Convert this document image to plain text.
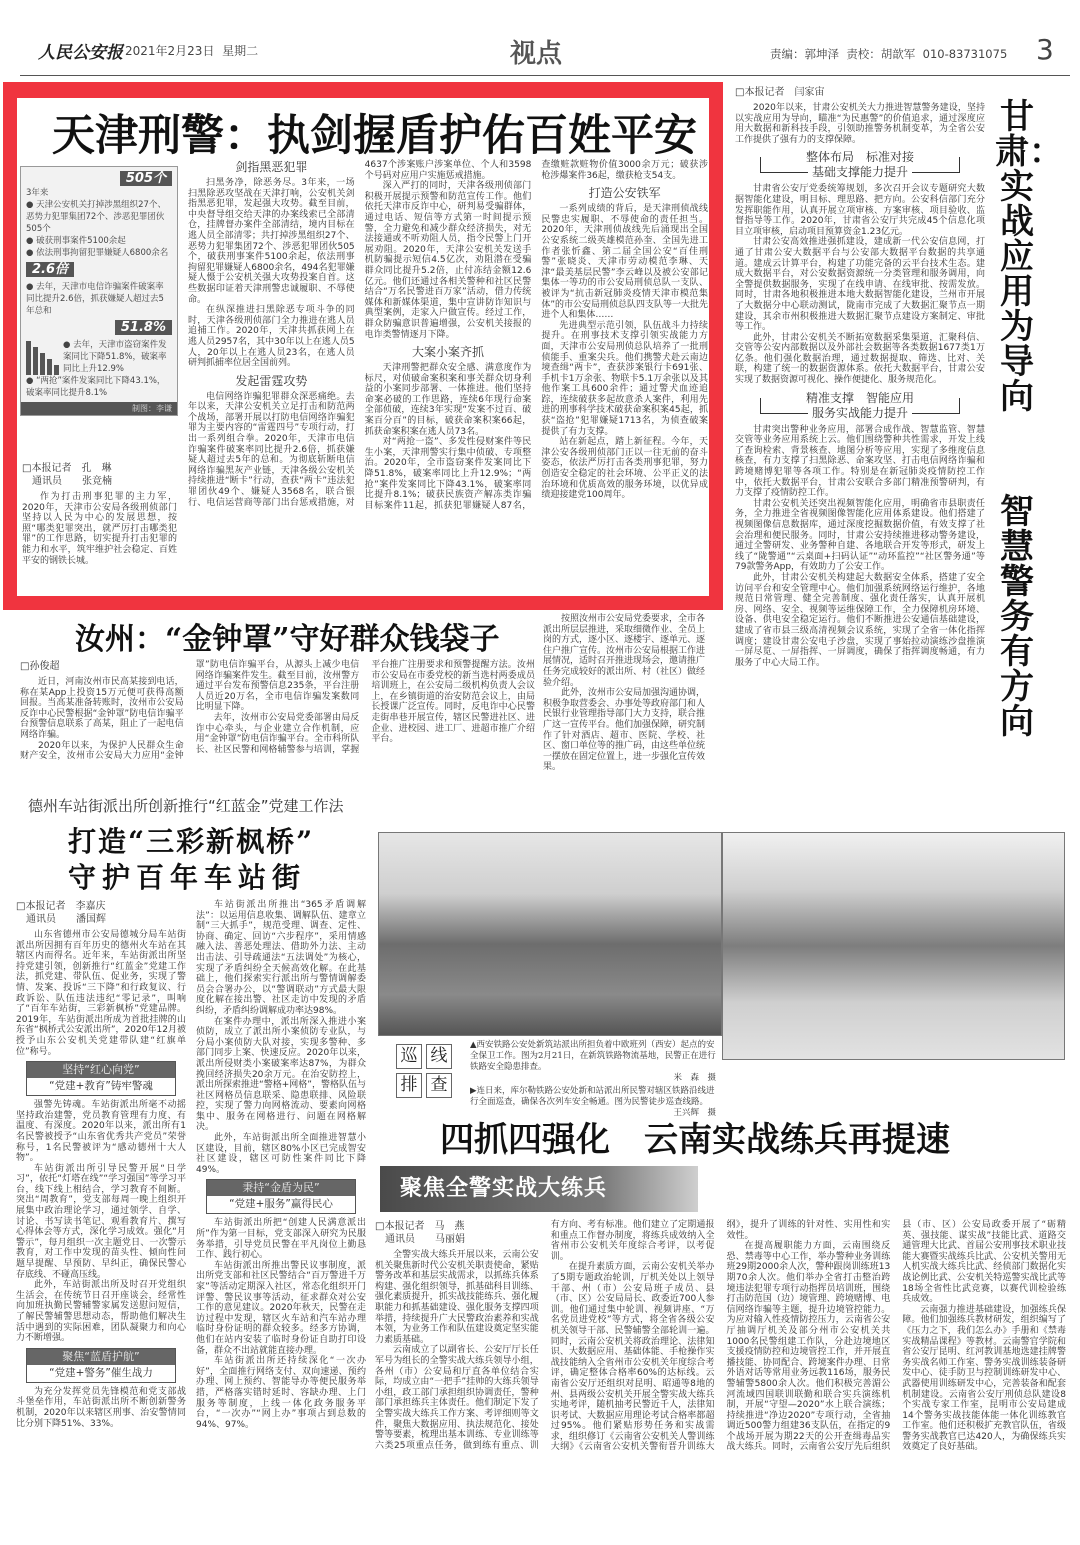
人民公安报 2021年2月23日 星期二	视点	责编：郭坤泽 责校：胡歆军 010-83731075 3
天津刑警：执剑握盾护佑百姓平安
505个
3年来
● 天津公安机关打掉涉黑组织27个、恶势力犯罪集团72个、涉恶犯罪团伙505个
● 破获刑事案件5100余起
● 依法刑事拘留犯罪嫌疑人6800余名
2.6倍
● 去年，天津市电信诈骗案件破案率同比提升2.6倍，抓获嫌疑人超过去5年总和
51.8%
● 去年，天津市盗窃案件发案同比下降51.8%，破案率同比上升12.9%
● “两抢”案件发案同比下降43.1%，破案率同比提升8.1%
制图：李谦
□本报记者　孔　琳
　通讯员　　张竞楠

作为打击刑事犯罪的主力军，2020年，天津市公安局各级刑侦部门坚持以人民为中心的发展思想，按照“哪类犯罪突出，就严厉打击哪类犯罪”的工作思路，切实提升打击犯罪的能力和水平，筑牢维护社会稳定、百姓平安的钢铁长城。

剑指黑恶犯罪

扫黑务净，除恶务尽。3年来，一场扫黑除恶攻坚战在天津打响，公安机关剑指黑恶犯罪，发起强大攻势。截至目前，中央督导组交给天津的办案线索已全部清仓，挂牌督办案件全部清结，境内目标在逃人员全部清零；共打掉涉黑组织27个、恶势力犯罪集团72个、涉恶犯罪团伙505个，破获刑事案件5100余起，依法刑事拘留犯罪嫌疑人6800余名，494名犯罪嫌疑人慑于公安机关强大攻势投案自首。这些数据印证着天津刑警忠诚履职、不辱使命。

在纵深推进扫黑除恶专项斗争的同时，天津各级刑侦部门全力推进在逃人员追捕工作。2020年，天津共抓获网上在逃人员2957名，其中30年以上在逃人员5人，20年以上在逃人员23名，在逃人员研判抓捕率位居全国前列。

发起雷霆攻势

电信网络诈骗犯罪群众深恶痛绝。去年以来，天津公安机关立足打击和防范两个战场，部署开展以打防电信网络诈骗犯罪为主要内容的“雷霆四号”专项行动，打出一系列组合拳。2020年，天津市电信诈骗案件破案率同比提升2.6倍，抓获嫌疑人超过去5年的总和。为彻底斩断电信网络诈骗黑灰产业链，天津各级公安机关持续推进“断卡”行动，查获“两卡”违法犯罪团伙49个、嫌疑人3568名，联合银行、电信运营商等部门出台惩戒措施，对4637个涉案账户涉案单位、个人和3598个号码对应用户实施惩戒措施。

深入严打的同时，天津各级刑侦部门积极开展提示预警和防范宣传工作。他们依托天津市反诈中心，研判易受骗群体，通过电话、短信等方式第一时间提示预警，全力避免和减少群众经济损失，对无法接通或不听劝阻人员，指令民警上门开展劝阻。2020年，天津公安机关发送手机防骗提示短信4.5亿次，劝阻潜在受骗群众同比提升5.2倍，止付冻结金额12.6亿元。他们还通过各相关警种和社区民警结合“万名民警进百万家”活动，借力传统媒体和新媒体渠道，集中宣讲防诈知识与典型案例，走家入户做宣传。经过工作，群众防骗意识普遍增强，公安机关接报的电诈类警情逐月下降。

大案小案齐抓

天津刑警把群众安全感、满意度作为标尺，对侦破命案积案和事关群众切身利益的小案同步部署、一体推进。他们坚持命案必破的工作思路，连续6年现行命案全部侦破，连续3年实现“发案不过百、破案百分百”的目标，破获命案积案66起，抓获命案积案在逃人员73名。

对“两抢一盗”、多发性侵财案件等民生小案，天津刑警实行集中侦破、专项整治。2020年，全市盗窃案件发案同比下降51.8%，破案率同比上升12.9%；“两抢”案件发案同比下降43.1%，破案率同比提升8.1%；破获民族资产解冻类诈骗目标案件11起，抓获犯罪嫌疑人87名，查缴赃款赃物价值3000余万元；破获涉枪涉爆案件36起，缴获枪支54支。

打造公安铁军

一系列成绩的背后，是天津刑侦战线民警忠实履职、不辱使命的责任担当。2020年，天津刑侦战线先后涌现出全国公安系统二级英雄模范孙奎、全国先进工作者张忻鑫、第二届全国公安“百佳刑警”张晓炎、天津市劳动模范李琳、天津“最美基层民警”李云峰以及被公安部记集体一等功的市公安局刑侦总队一支队、被评为“抗击新冠肺炎疫情天津市模范集体”的市公安局刑侦总队四支队等一大批先进个人和集体……

先进典型示范引领，队伍战斗力持续提升。在刑事技术支撑引领实战能力方面，天津市公安局刑侦总队培养了一批刑侦能手、重案尖兵。他们携警犬赴云南边境查缉“两卡”，查获涉案银行卡691张、手机卡1万余张、物联卡5.1万余张以及其他作案工具600余件；通过警犬血迹追踪，连续破获多起故意杀人案件，利用先进的刑事科学技术破获命案积案45起，抓获“盗抢”犯罪嫌疑1713名，为侦查破案提供了有力支撑。

站在新起点，踏上新征程。今年，天津公安各级刑侦部门正以一往无前的奋斗姿态，依法严厉打击各类刑事犯罪，努力创造安全稳定的社会环境、公平正义的法治环境和优质高效的服务环境，以优异成绩迎接建党100周年。

□本报记者　闫家宙

2020年以来，甘肃公安机关大力推进智慧警务建设，坚持以实战应用为导向，瞄准“为民惠警”的价值追求，通过深度应用大数据和新科技手段，引领助推警务机制变革，为全省公安工作提供了强有力的支撑保障。

整体布局　标准对接
基础支撑能力提升

甘肃省公安厅党委统筹规划，多次召开会议专题研究大数据智能化建设，明目标、理思路、把方向。公安科信部门充分发挥职能作用，认真开展立项审核、方案审核、项目验收、监督指导等工作。2020年，甘肃省公安厅共完成45个信息化项目立项审核，启动项目预算资金1.23亿元。

甘肃公安高效推进强抓建设，建成新一代公安信息网，打通了甘肃公安大数据平台与公安部大数据平台数据的共享通道。建成云计算平台，构建了功能完备的云平台技术生态。建成大数据平台，对公安数据资源统一分类管理和服务调用，向全警提供数据服务，实现了在线申请、在线审批、按需发放。同时，甘肃各地积极推进本地大数据智能化建设，兰州市开展了大数据分中心联动测试，陇南市完成了大数据汇聚节点一期建设，其余市州积极推进大数据汇聚节点建设方案制定、审批等工作。

此外，甘肃公安机关不断拓宽数据采集渠道，汇聚科信、交管等公安内部数据以及外部社会数据等各类数据1677类1万亿条。他们强化数据治理，通过数据提取、筛选、比对、关联，构建了统一的数据资源体系。依托大数据平台，甘肃公安实现了数据资源可视化、操作便捷化、服务规范化。

精准支撑　智能应用
服务实战能力提升

甘肃突出警种业务应用，部署合成作战、智慧监管、智慧交管等业务应用系统上云。他们围绕警种共性需求，开发上线了查询检索、背景核查、地图分析等应用，实现了多维度信息核查，有力支撑了扫黑除恶、命案攻坚、打击电信网络诈骗和跨境赌博犯罪等各项工作。特别是在新冠肺炎疫情防控工作中，依托大数据平台，甘肃公安联合多部门精准预警研判，有力支撑了疫情防控工作。

甘肃公安机关还突出视频智能化应用，明确省市县职责任务，全力推进全省视频图像智能化应用体系建设。他们搭建了视频图像信息数据库，通过深度挖掘数据价值，有效支撑了社会治理和便民服务。同时，甘肃公安持续推进移动警务建设，通过全警研发、业务警种自建、各地联合开发等形式，研发上线了“陇警通”“云桌面+扫码认证”“动环监控”“社区警务通”等79款警务App，有效助力了公安工作。

此外，甘肃公安机关构建起大数据安全体系，搭建了安全访问平台和安全管理中心。他们加强系统网络运行维护，各地规范日常管理、健全完善制度、强化责任落实，认真开展机房、网络、安全、视频等运维保障工作，全力保障机房环境、设备、供电安全稳定运行。他们不断推进公安通信基础建设，建成了省市县三级高清视频会议系统，实现了全省一体化指挥调度；建设甘肃公安电子沙盘，实现了事始拉动演练沙盘推演一屏尽览、一屏指挥、一屏调度，确保了指挥调度畅通，有力服务了中心大局工作。

甘肃：实战应用为导向
智慧警务有方向
汝州：“金钟罩”守好群众钱袋子
□孙俊超

近日，河南汝州市民高某接到电话，称在某App上投资15万元便可获得高额回报。当高某准备转账时，汝州市公安局反诈中心民警根据“金钟罩”防电信诈骗平台预警信息联系了高某，阻止了一起电信网络诈骗。

2020年以来，为保护人民群众生命财产安全，汝州市公安局大力应用“金钟罩”防电信诈骗平台，从源头上减少电信网络诈骗案件发生。截至目前，汝州警方通过平台发布预警信息235条，平台注册人员近20万名，全市电信诈骗发案数同比明显下降。

去年，汝州市公安局党委部署由局反诈中心牵头，与企业建立合作机制，应用“金钟罩”防电信诈骗平台。全市科所队长、社区民警和网格辅警参与培训，掌握平台推广注册要求和预警提醒方法。汝州市公安局在市委党校的新当选村两委成员培训班上，在公安局二级机构负责人会议上，在乡镇街道的治安防范会议上，由局长授课广泛宣传。同时，反电诈中心民警走街串巷开展宣传，辖区民警进社区、进企业、进校园、进工厂、进超市推广介绍平台。

按照汝州市公安局党委要求，全市各派出所层层推进，采取细微作业、全员上岗的方式，逐小区、逐楼宇、逐单元、逐住户推广宣传。汝州市公安局根据工作进展情况，适时召开推进现场会，邀请推广任务完成较好的派出所、村（社区）做经验介绍。

此外，汝州市公安局加强沟通协调，积极争取营委会、办事处等政府部门和人民银行业管理指导部门大力支持，联合推广这一宣传平台。他们加强保障，研究制作了针对酒店、超市、医院、学校、社区、窗口单位等的推广码，由这些单位统一摆放在固定位置上，进一步强化宣传效果。

巡 线
排 查
▲西安铁路公安处新筑站派出所担负着中欧班列（西安）起点的安全保卫工作。图为2月21日，在新筑铁路物流基地，民警正在进行铁路安全隐患排查。
米　森　摄
▶连日来，库尔勒铁路公安处新和站派出所民警对辖区铁路沿线进行全面巡查，确保各次列车安全畅通。图为民警徒步巡查线路。
王兴辉　摄
德州车站街派出所创新推行“红蓝金”党建工作法
打造“三彩新枫桥”
守护百年车站街
□本报记者　李嘉庆
　通讯员　　潘国辉

山东省德州市公安局德城分局车站街派出所因拥有百年历史的德州火车站在其辖区内而得名。近年来，车站街派出所坚持党建引领，创新推行“红蓝金”党建工作法，抓党建、带队伍、促业务，实现了警情、发案、投诉“三下降”和行政复议、行政诉讼、队伍违法违纪“零记录”，叫响了“百年车站街，三彩新枫桥”党建品牌。2019年，车站街派出所成为首批挂牌的山东省“枫桥式公安派出所”，2020年12月被授予山东公安机关党建带队建“红旗单位”称号。

坚持“红心向党”
“党建+教育”铸牢警魂

强警先铸魂。车站街派出所毫不动摇坚持政治建警，党员教育管理有力度、有温度、有深度。2020年以来，派出所有1名民警被授予“山东省优秀共产党员”荣誉称号，1名民警被评为“感动德州十大人物”。

车站街派出所引导民警开展“日学习”，依托“灯塔在线”“学习强国”等学习平台，线下线上相结合，学习教育不间断。突出“周教育”，党支部每周一晚上组织开展集中政治理论学习，通过领学、自学、讨论、书写读书笔记、观看教育片、撰写心得体会等方式，深化学习成效。强化“月警示”，每月组织一次主题党日、一次警示教育，对工作中发现的苗头性、倾向性问题早提醒、早预防、早纠正，确保民警心存底线、不碰高压线。

此外，车站街派出所及时召开党组织生活会，在传统节日召开座谈会，经常性向加班执勤民警辅警家属发送慰问短信，了解民警辅警思想动态，帮助他们解决生活中遇到的实际困难，团队凝聚力和向心力不断增强。

聚焦“蓝盾护航”
“党建+警务”催生战力

为充分发挥党员先锋模范和党支部战斗堡垒作用，车站街派出所不断创新警务机制，2020年以来辖区刑事、治安警情同比分别下降51%、33%。

车站街派出所推出“365矛盾调解法”：以运用信息收集、调解队伍、建章立制“三大抓手”，规范受理、调查、定性、协商、确定、回访“六步程序”，采用情感融入法、善恶处理法、借助外力法、主动出击法、引导疏通法“五法调处”为核心，实现了矛盾纠纷全天候高效化解。在此基础上，他们探索实行派出所与警情调解委员会合署办公，以“警调联动”方式最大限度化解在接出警、社区走访中发现的矛盾纠纷，矛盾纠纷调解成功率达98%。

在案件办理中，派出所深入推进小案侦防，成立了派出所小案侦防专业队，与分局小案侦防大队对接，实现多警种、多部门同步上案、快速反应。2020年以来，派出所侵财类小案破案率达87%，为群众挽回经济损失20余万元。在治安防控上，派出所探索推进“警格+网格”，警格队伍与社区网格员信息联采、隐患联排、风险联控，实现了警力向网格流动、要素向网格集中、服务在网格进行、问题在网格解决。

此外，车站街派出所全面推进智慧小区建设，目前，辖区80%小区已完成智安社区建设，辖区可防性案件同比下降49%。

秉持“金盾为民”
“党建+服务”赢得民心

车站街派出所把“创建人民满意派出所”作为第一目标，党支部深入研究为民服务举措，引导党员民警在平凡岗位上勤恳工作、践行初心。

车站街派出所推出警民议事制度，派出所党支部和社区民警结合“百万警进千万家”等活动定期深入社区，常态化组织开门评警、警民议事等活动，征求群众对公安工作的意见建议。2020年秋天，民警在走访过程中发现，辖区火车站和汽车站办理临时身份证明的群众较多。经多方协调，他们在站内安装了临时身份证自助打印设备，群众不出站就能直接办理。

车站街派出所还持续深化“一次办好”，全面推行网络支付、双向速递、预约办理、网上预约、智能导办等便民服务举措，严格落实错时延时、容缺办理、上门服务等制度，上线一体化政务服务平台，“一次办”“网上办”事项占到总数的94%、97%。

四抓四强化　云南实战练兵再提速
聚焦全警实战大练兵
□本报记者　马　燕
　通讯员　　马丽娟

全警实战大练兵开展以来，云南公安机关聚焦新时代公安机关职责使命，紧贴警务改革和基层实战需求，以抓练兵体系构建、强化组织领导，抓基础科目训练、强化素质提升，抓实战技能练兵、强化履职能力和抓基础建设、强化服务支撑四项举措，持续提升广大民警政治素养和实战本领，为业务工作和队伍建设奠定坚实能力素质基础。

云南成立了以副省长、公安厅厅长任军号为组长的全警实战大练兵领导小组，各州（市）公安局和厅直各单位结合实际，均成立由“一把手”挂帅的大练兵领导小组，政工部门承担组织协调责任，警种部门承担练兵主体责任。他们制定下发了全警实战大练兵工作方案、考评细则等文件，聚焦大数据应用、执法规范化、接处警等要素，梳理出基本训练、专业训练等六类25项重点任务，做到练有重点、训有方向、考有标准。他们建立了定期通报和重点工作督办制度，将练兵成效纳入全省州市公安机关年度综合考评，以考促训。

在提升素质方面，云南公安机关举办了5期专题政治轮训，厅机关处以上领导干部、州（市）公安局班子成员、县（市、区）公安局局长、政委近700人参训。他们通过集中轮训、视频讲座、“万名党员进党校”等方式，将全省各级公安机关领导干部、民警辅警全部轮训一遍。同时，云南公安机关将政治理论、法律知识、大数据应用、基础体能、手枪操作实战技能纳入全省州市公安机关年度综合考评，确定整体合格率60%的达标线。云南省公安厅还组织对昆明、昭通等8地的州、县两级公安机关开展全警实战大练兵实地考评，随机抽考民警近千人，法律知识考试、大数据应用理论考试合格率都超过95%。他们紧贴形势任务和实战需求，组织修订《云南省公安机关人警训练大纲》《云南省公安机关警衔晋升训练大纲》，提升了训练的针对性、实用性和实效性。

在提高履职能力方面，云南围绕反恐、禁毒等中心工作，举办警种业务训练班29期2000余人次，警种跟岗训练班13期70余人次。他们举办全省打击整治跨境违法犯罪专项行动指挥员培训班，围绕打击防范国（边）境管理、跨境赌博、电信网络诈骗等主题，提升边境管控能力。为应对输入性疫情防控压力，云南省公安厅抽调厅机关及部分州市公安机关共1000名民警组建工作队，分赴边境地区支援疫情防控和边境管控工作，并开展直播技能、协同配合、跨境案件办理、日常外语对话等常用业务远教116场，服务民警辅警5800余人次。他们积极完善湄公河流域四国联训联勤和联合实兵演练机制，开展“守望—2020”水上联合演练；持续推进“净边2020”专项行动，全省抽调近500警力组建36支队伍，在指定的9个战场开展为期22天的公开查缉毒品实战大练兵。同时，云南省公安厅先后组织县（市、区）公安局政委开展了“砺精英、强技能、谋实战”技能比武、道路交通管理大比武、首届公安刑事技术职业技能大赛暨实战练兵比武、公安机关警用无人机实战大练兵比武、经侦部门数据化实战论例比武、公安机关特巡警实战比武等18场全省性比武竞赛，以赛代训检验练兵成效。

云南强力推进基础建设，加强练兵保障。他们加强练兵教材研发，组织编写了《压力之下，我们怎么办》手册和《禁毒实战精品课程》等教材。云南警官学院和省公安厅昆明、红河教训基地选建挂牌警务实战名师工作室、警务实战训练装备研发中心、徒手防卫与控制训练研发中心、武器使用训练研发中心，完善装备和配套机制建设。云南省公安厅刑侦总队建设8个实战专家工作室，昆明市公安局建成14个警务实战技能体能一体化训练教官工作室。他们还积极扩充教官队伍，省级警务实战教官已达420人，为确保练兵实效奠定了良好基础。
